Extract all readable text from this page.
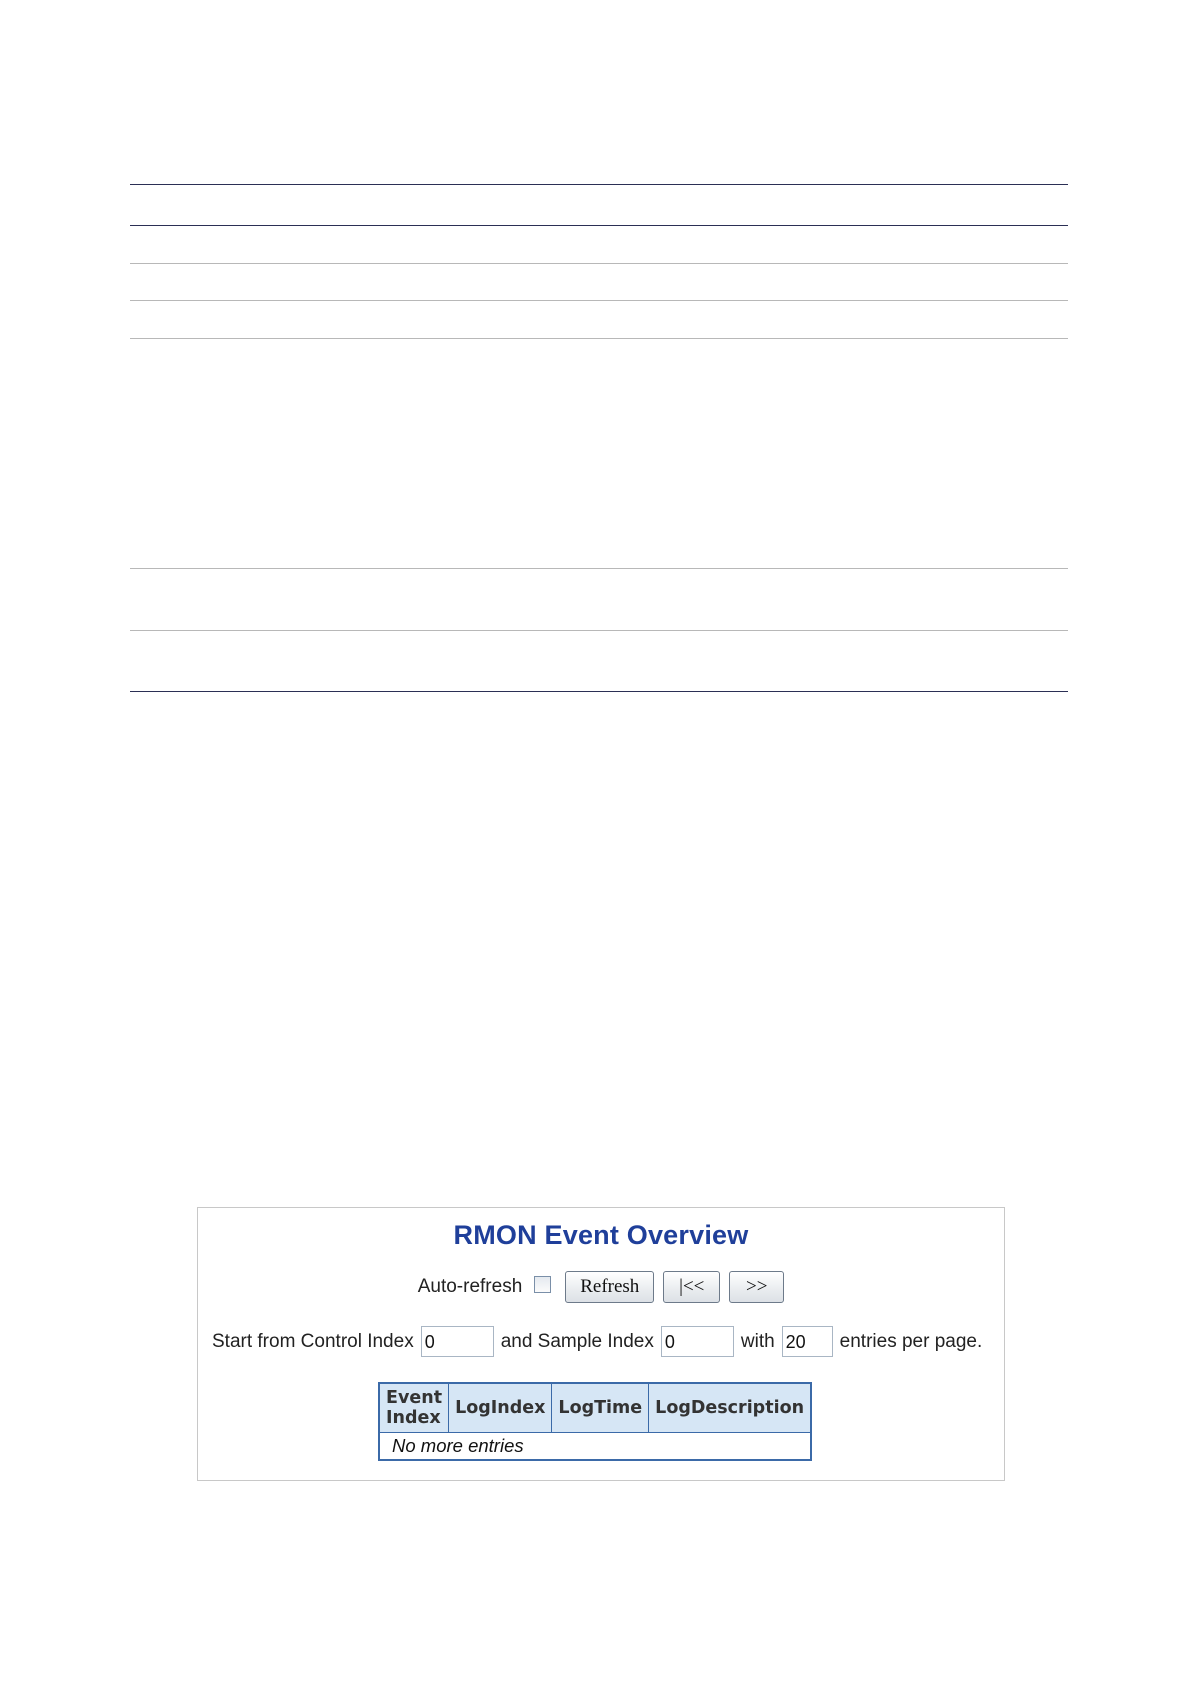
RMON Event Overview
Auto-refresh	Refresh	|<<	>>
Start from Control Index 0	and Sample Index 0	with 20	entries per page.
Event
Index	LogIndex	LogTime	LogDescription
No more entries
